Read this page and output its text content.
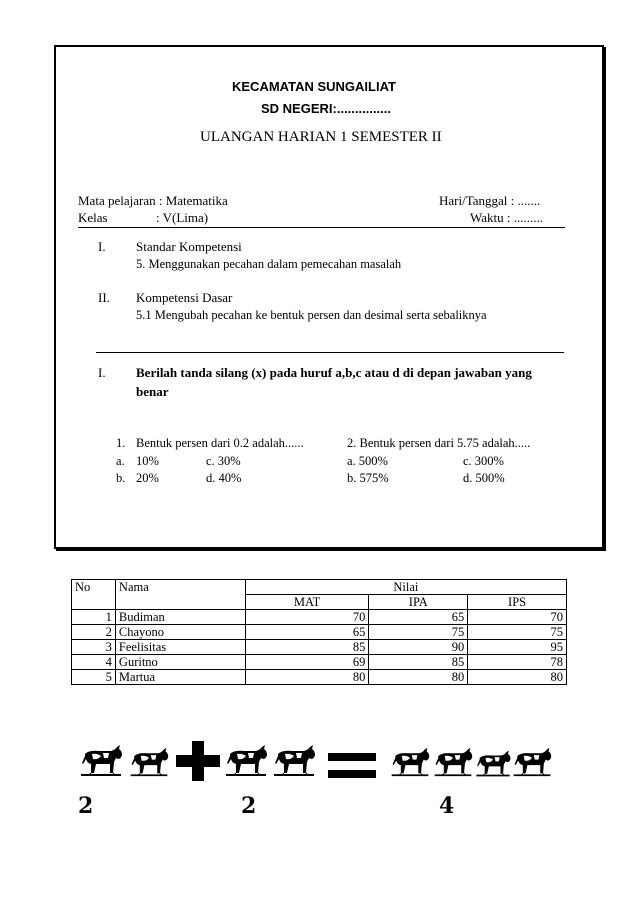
KECAMATAN SUNGAILIAT
SD NEGERI:...............
ULANGAN HARIAN 1 SEMESTER II
Mata pelajaran : Matematika	Hari/Tanggal : .......
Kelas	: V(Lima)	Waktu : .........
I. Standar Kompetensi
5. Menggunakan pecahan dalam pemecahan masalah
II. Kompetensi Dasar
5.1 Mengubah pecahan ke bentuk persen dan desimal serta sebaliknya
I. Berilah tanda silang (x) pada huruf a,b,c atau d di depan jawaban yang benar
1. Bentuk persen dari 0.2 adalah......
a. 10%	c. 30%
b. 20%	d. 40%
2. Bentuk persen dari 5.75 adalah.....
a. 500%	c. 300%
b. 575%	d. 500%
No	Nama	Nilai		
		MAT	IPA	IPS
1	Budiman	70	65	70
2	Chayono	65	75	75
3	Feelisitas	85	90	95
4	Guritno	69	85	78
5	Martua	80	80	80
2	2	4
